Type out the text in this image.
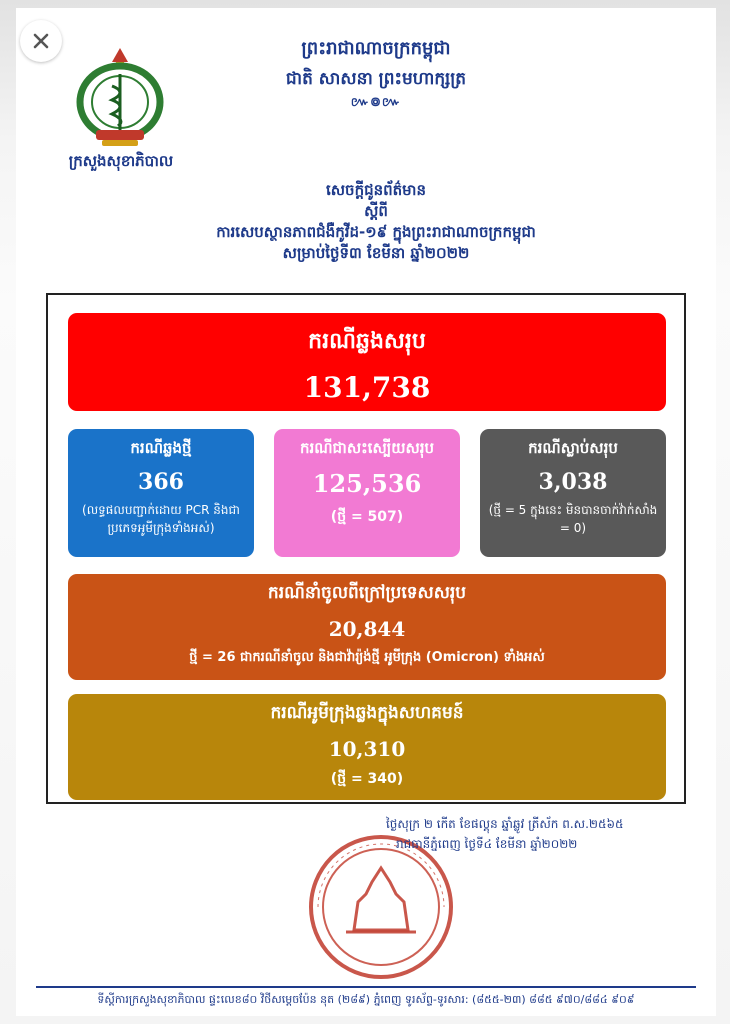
ក្រសួងសុខាភិបាល
ព្រះរាជាណាចក្រកម្ពុជា
ជាតិ សាសនា ព្រះមហាក្សត្រ
៚៙៚
សេចក្តីជូនព័ត៌មាន
ស្តីពី
ការសេបស្ថានភាពជំងឺកូវីដ-១៩ ក្នុងព្រះរាជាណាចក្រកម្ពុជា
សម្រាប់ថ្ងៃទី៣ ខែមីនា ឆ្នាំ២០២២
ករណីឆ្លងសរុប
131,738
ករណីឆ្លងថ្មី
366
(លទ្ធផលបញ្ជាក់ដោយ PCR និងជាប្រភេទអូមីក្រុងទាំងអស់)
ករណីជាសះស្បើយសរុប
125,536
(ថ្មី = 507)
ករណីស្លាប់សរុប
3,038
(ថ្មី = 5 ក្នុងនេះ មិនបានចាក់វ៉ាក់សាំង = 0)
ករណីនាំចូលពីក្រៅប្រទេសសរុប
20,844
ថ្មី = 26 ជាករណីនាំចូល និងជាវ៉ារ្យ៉ង់ថ្មី អូមីក្រុង (Omicron) ទាំងអស់
ករណីអូមីក្រុងឆ្លងក្នុងសហគមន៍
10,310
(ថ្មី = 340)
ថ្ងៃសុក្រ ២ កើត ខែផល្គុន ឆ្នាំឆ្លូវ ត្រីស័ក ព.ស.២៥៦៥
រាជធានីភ្នំពេញ ថ្ងៃទី៤ ខែមីនា ឆ្នាំ២០២២
ទីស្តីការក្រសួងសុខាភិបាល ផ្ទះលេខ៨០ វិថីសម្តេចប៉ែន នុត (២៨៩) ភ្នំពេញ ទូរស័ព្ទ-ទូរសារ: (៨៥៥-២៣) ៨៨៥ ៩៧០/៨៨៤ ៩០៩
